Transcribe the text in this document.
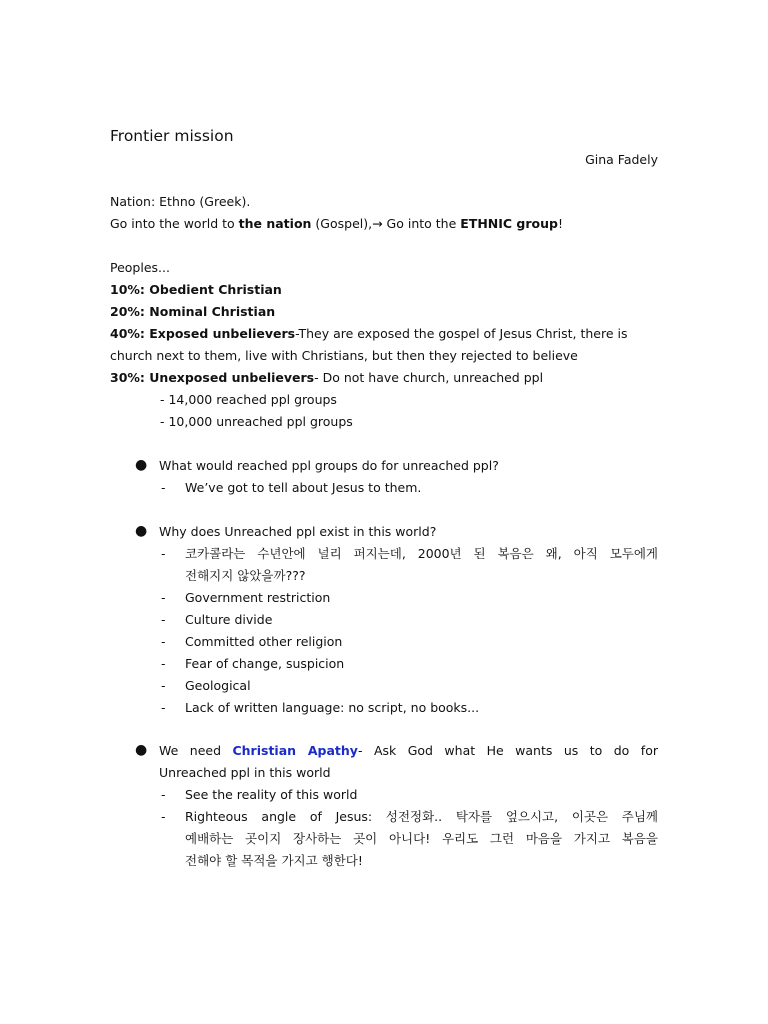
Frontier mission
Gina Fadely
Nation: Ethno (Greek).
Go into the world to the nation (Gospel),→ Go into the ETHNIC group!
Peoples...
10%: Obedient Christian
20%: Nominal Christian
40%: Exposed unbelievers-They are exposed the gospel of Jesus Christ, there is
church next to them, live with Christians, but then they rejected to believe
30%: Unexposed unbelievers- Do not have church, unreached ppl
- 14,000 reached ppl groups
- 10,000 unreached ppl groups
● What would reached ppl groups do for unreached ppl?
- We’ve got to tell about Jesus to them.
● Why does Unreached ppl exist in this world?
- 코카콜라는 수년안에 널리 퍼지는데, 2000년 된 복음은 왜, 아직 모두에게
전해지지 않았을까???
- Government restriction
- Culture divide
- Committed other religion
- Fear of change, suspicion
- Geological
- Lack of written language: no script, no books...
● We need Christian Apathy- Ask God what He wants us to do for
Unreached ppl in this world
- See the reality of this world
- Righteous angle of Jesus: 성전정화.. 탁자를 엎으시고, 이곳은 주님께
예배하는 곳이지 장사하는 곳이 아니다! 우리도 그런 마음을 가지고 복음을
전해야 할 목적을 가지고 행한다!
